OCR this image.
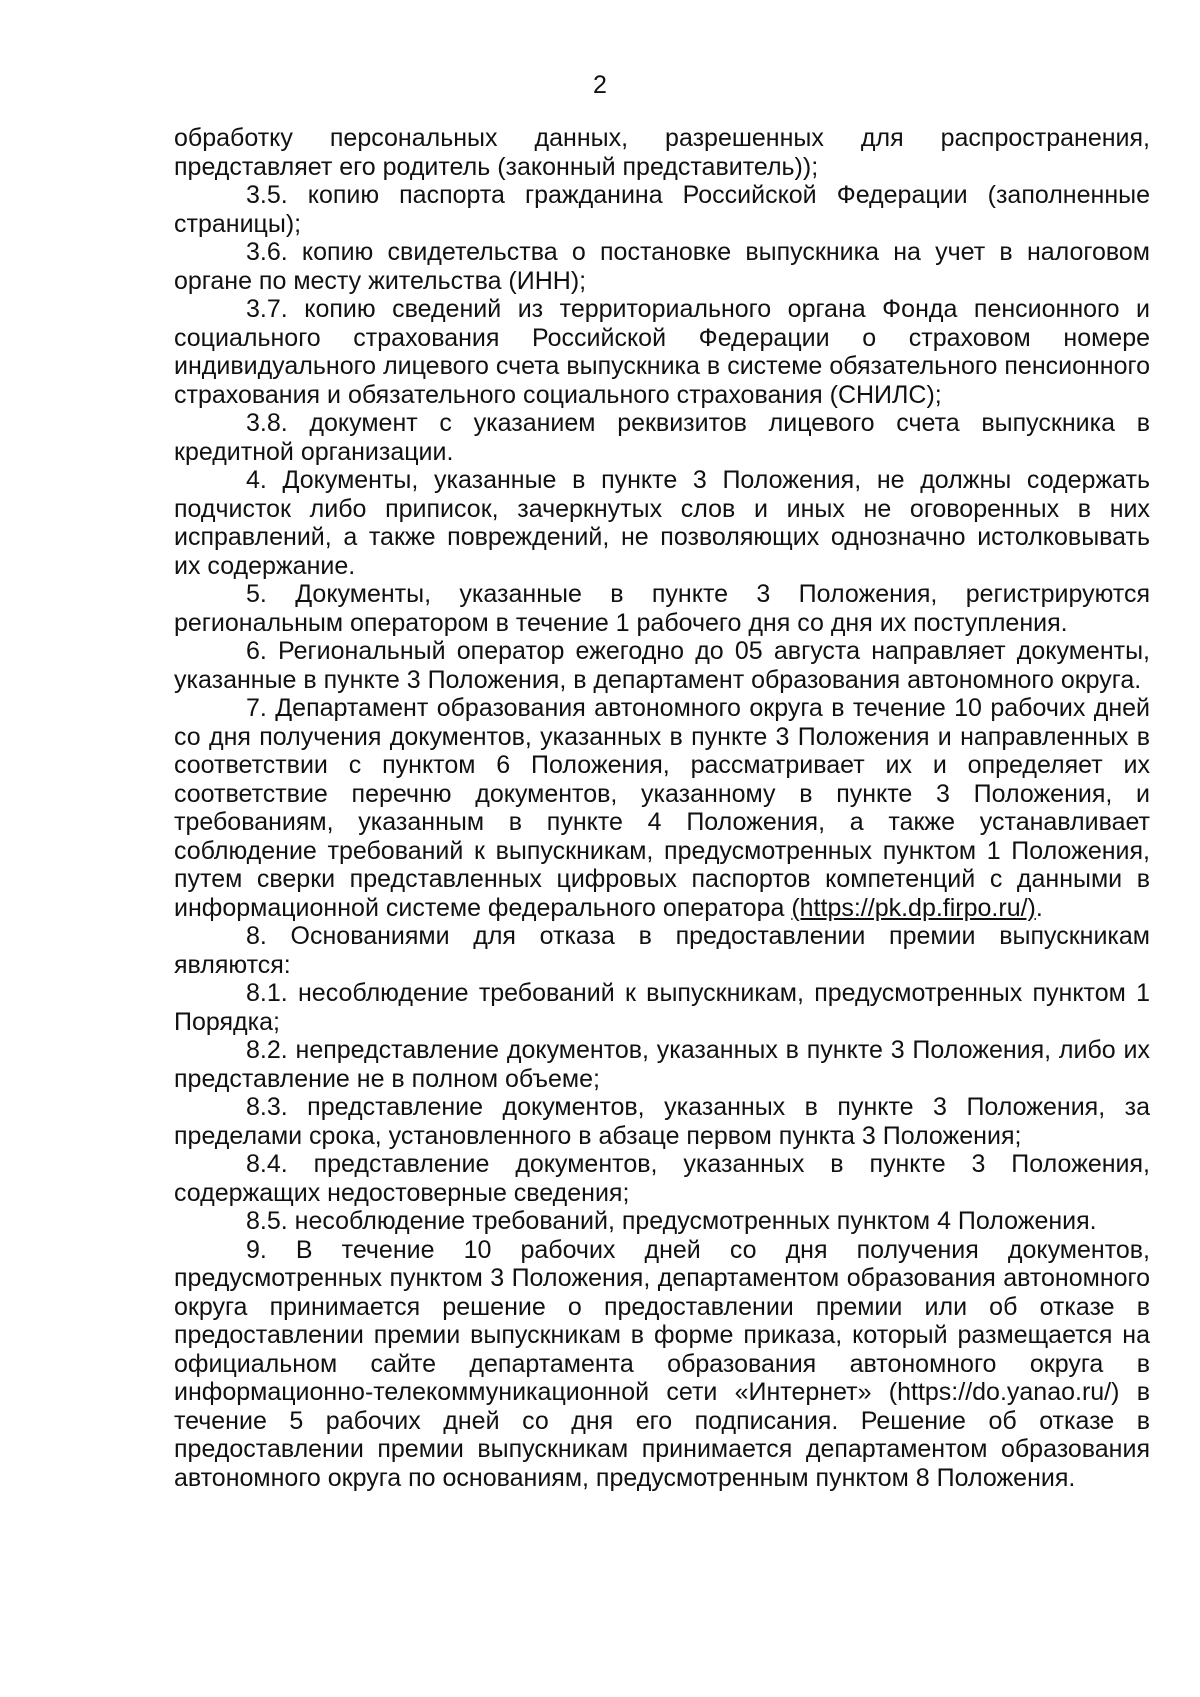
2

обработку персональных данных, разрешенных для распространения, представляет его родитель (законный представитель));

3.5. копию паспорта гражданина Российской Федерации (заполненные страницы);

3.6. копию свидетельства о постановке выпускника на учет в налоговом органе по месту жительства (ИНН);

3.7. копию сведений из территориального органа Фонда пенсионного и социального страхования Российской Федерации о страховом номере индивидуального лицевого счета выпускника в системе обязательного пенсионного страхования и обязательного социального страхования (СНИЛС);

3.8. документ с указанием реквизитов лицевого счета выпускника в кредитной организации.

4. Документы, указанные в пункте 3 Положения, не должны содержать подчисток либо приписок, зачеркнутых слов и иных не оговоренных в них исправлений, а также повреждений, не позволяющих однозначно истолковывать их содержание.

5. Документы, указанные в пункте 3 Положения, регистрируются региональным оператором в течение 1 рабочего дня со дня их поступления.

6. Региональный оператор ежегодно до 05 августа направляет документы, указанные в пункте 3 Положения, в департамент образования автономного округа.

7. Департамент образования автономного округа в течение 10 рабочих дней со дня получения документов, указанных в пункте 3 Положения и направленных в соответствии с пунктом 6 Положения, рассматривает их и определяет их соответствие перечню документов, указанному в пункте 3 Положения, и требованиям, указанным в пункте 4 Положения, а также устанавливает соблюдение требований к выпускникам, предусмотренных пунктом 1 Положения, путем сверки представленных цифровых паспортов компетенций с данными в информационной системе федерального оператора (https://pk.dp.firpo.ru/).

8. Основаниями для отказа в предоставлении премии выпускникам являются:

8.1. несоблюдение требований к выпускникам, предусмотренных пунктом 1 Порядка;

8.2. непредставление документов, указанных в пункте 3 Положения, либо их представление не в полном объеме;

8.3. представление документов, указанных в пункте 3 Положения, за пределами срока, установленного в абзаце первом пункта 3 Положения;

8.4. представление документов, указанных в пункте 3 Положения, содержащих недостоверные сведения;

8.5. несоблюдение требований, предусмотренных пунктом 4 Положения.

9. В течение 10 рабочих дней со дня получения документов, предусмотренных пунктом 3 Положения, департаментом образования автономного округа принимается решение о предоставлении премии или об отказе в предоставлении премии выпускникам в форме приказа, который размещается на официальном сайте департамента образования автономного округа в информационно-телекоммуникационной сети «Интернет» (https://do.yanao.ru/) в течение 5 рабочих дней со дня его подписания. Решение об отказе в предоставлении премии выпускникам принимается департаментом образования автономного округа по основаниям, предусмотренным пунктом 8 Положения.
